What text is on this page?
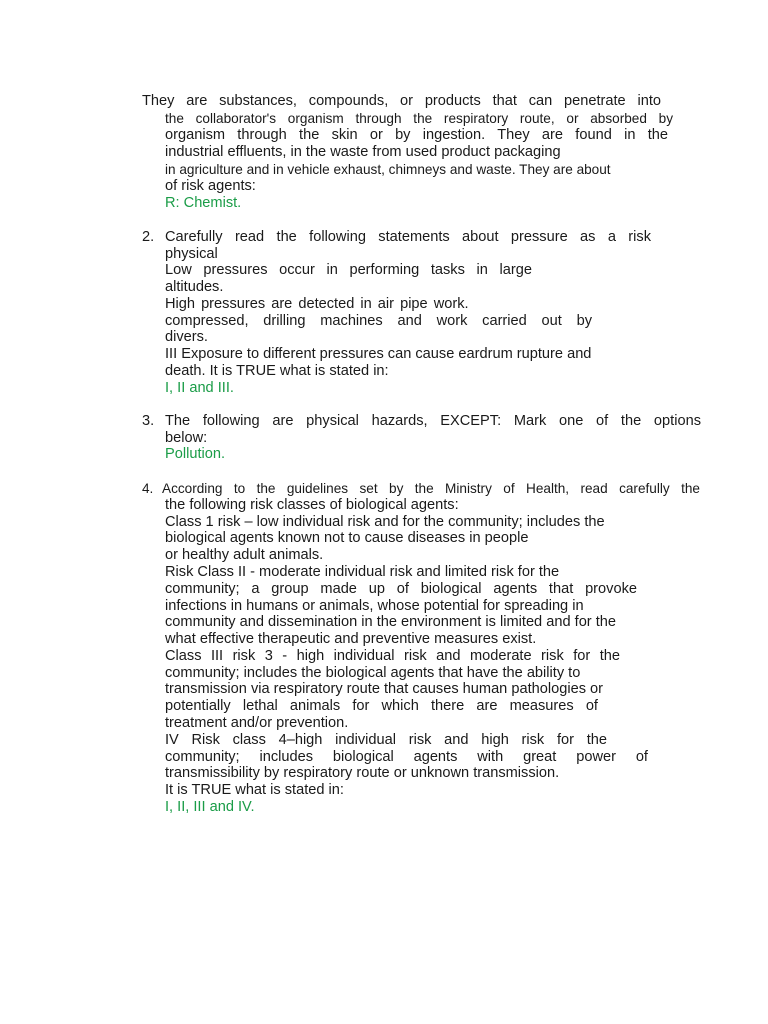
They are substances, compounds, or products that can penetrate into
the collaborator's organism through the respiratory route, or absorbed by
organism through the skin or by ingestion. They are found in the
industrial effluents, in the waste from used product packaging
in agriculture and in vehicle exhaust, chimneys and waste. They are about
of risk agents:
R: Chemist.
2. Carefully read the following statements about pressure as a risk
physical
Low pressures occur in performing tasks in large
altitudes.
High pressures are detected in air pipe work.
compressed, drilling machines and work carried out by
divers.
III Exposure to different pressures can cause eardrum rupture and
death. It is TRUE what is stated in:
I, II and III.
3. The following are physical hazards, EXCEPT: Mark one of the options
below:
Pollution.
4. According to the guidelines set by the Ministry of Health, read carefully the
the following risk classes of biological agents:
Class 1 risk – low individual risk and for the community; includes the
biological agents known not to cause diseases in people
or healthy adult animals.
Risk Class II - moderate individual risk and limited risk for the
community; a group made up of biological agents that provoke
infections in humans or animals, whose potential for spreading in
community and dissemination in the environment is limited and for the
what effective therapeutic and preventive measures exist.
Class III risk 3 - high individual risk and moderate risk for the
community; includes the biological agents that have the ability to
transmission via respiratory route that causes human pathologies or
potentially lethal animals for which there are measures of
treatment and/or prevention.
IV Risk class 4–high individual risk and high risk for the
community; includes biological agents with great power of
transmissibility by respiratory route or unknown transmission.
It is TRUE what is stated in:
I, II, III and IV.
